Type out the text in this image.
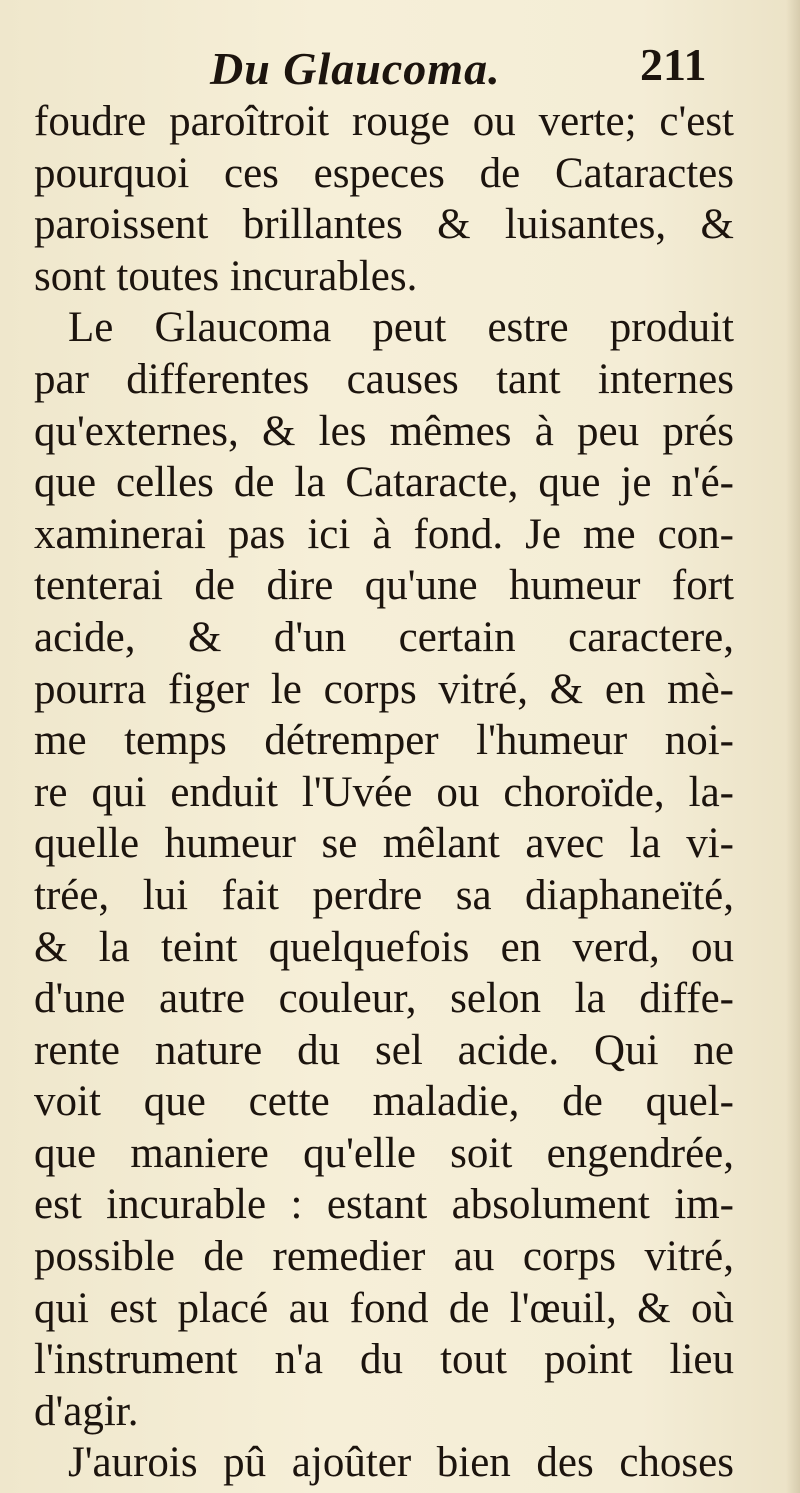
Du Glaucoma.	211
foudre paroîtroit rouge ou verte; c'est
pourquoi ces especes de Cataractes
paroissent brillantes & luisantes, &
sont toutes incurables.
Le Glaucoma peut estre produit
par differentes causes tant internes
qu'externes, & les mêmes à peu prés
que celles de la Cataracte, que je n'é-
xaminerai pas ici à fond. Je me con-
tenterai de dire qu'une humeur fort
acide, & d'un certain caractere,
pourra figer le corps vitré, & en mè-
me temps détremper l'humeur noi-
re qui enduit l'Uvée ou choroïde, la-
quelle humeur se mêlant avec la vi-
trée, lui fait perdre sa diaphaneïté,
& la teint quelquefois en verd, ou
d'une autre couleur, selon la diffe-
rente nature du sel acide. Qui ne
voit que cette maladie, de quel-
que maniere qu'elle soit engendrée,
est incurable : estant absolument im-
possible de remedier au corps vitré,
qui est placé au fond de l'œuil, & où
l'instrument n'a du tout point lieu
d'agir.
J'aurois pû ajoûter bien des choses
